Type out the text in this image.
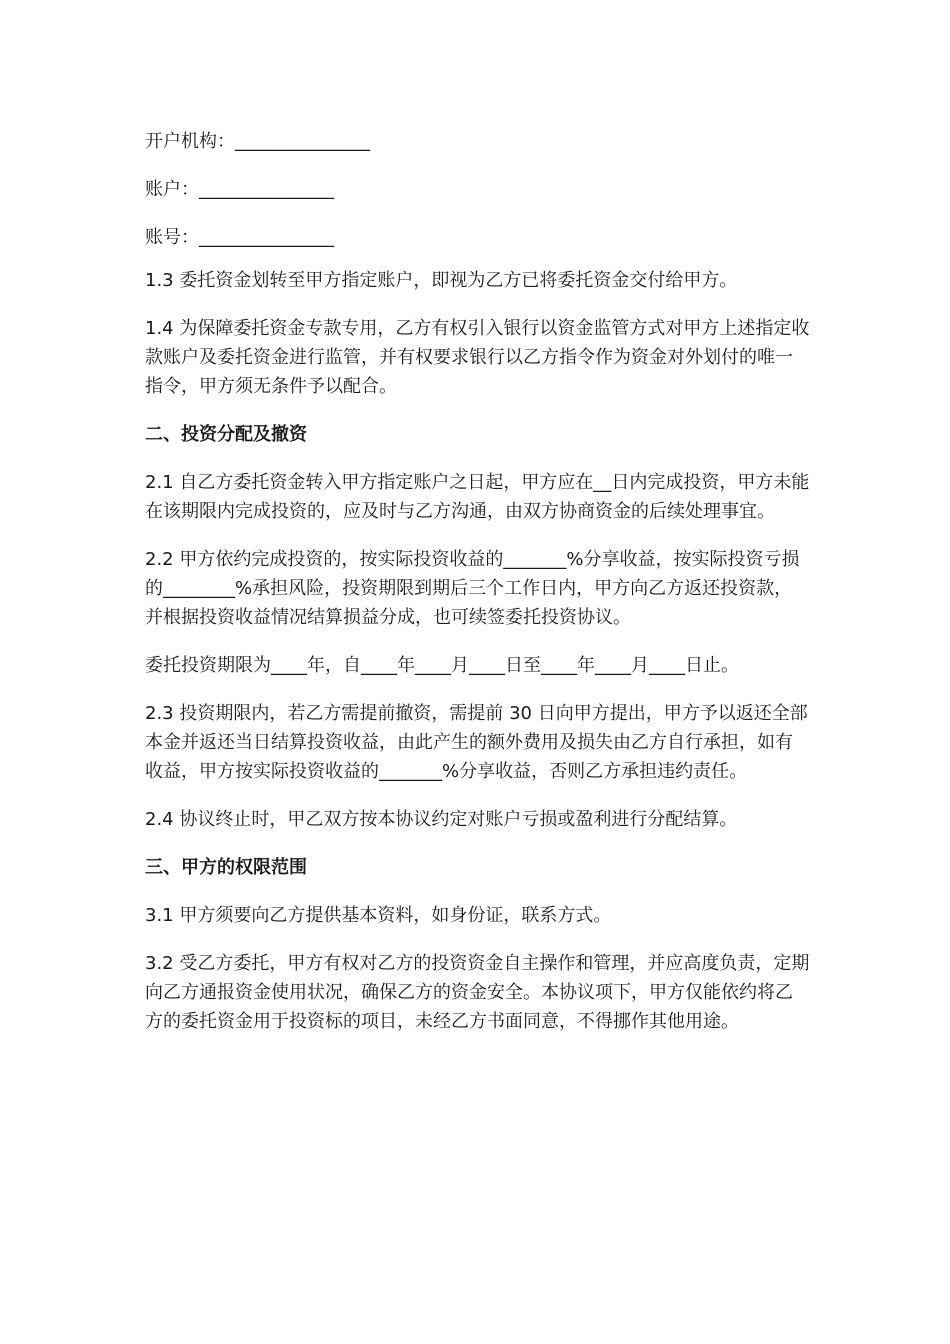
开户机构：_______________
账户：_______________
账号：_______________

1.3 委托资金划转至甲方指定账户，即视为乙方已将委托资金交付给甲方。

1.4 为保障委托资金专款专用，乙方有权引入银行以资金监管方式对甲方上述指定收款账户及委托资金进行监管，并有权要求银行以乙方指令作为资金对外划付的唯一指令，甲方须无条件予以配合。

二、投资分配及撤资

2.1 自乙方委托资金转入甲方指定账户之日起，甲方应在__日内完成投资，甲方未能在该期限内完成投资的，应及时与乙方沟通，由双方协商资金的后续处理事宜。

2.2 甲方依约完成投资的，按实际投资收益的_______%分享收益，按实际投资亏损的________%承担风险，投资期限到期后三个工作日内，甲方向乙方返还投资款，并根据投资收益情况结算损益分成，也可续签委托投资协议。

委托投资期限为____年，自____年____月____日至____年____月____日止。

2.3 投资期限内，若乙方需提前撤资，需提前 30 日向甲方提出，甲方予以返还全部本金并返还当日结算投资收益，由此产生的额外费用及损失由乙方自行承担，如有收益，甲方按实际投资收益的_______%分享收益，否则乙方承担违约责任。

2.4 协议终止时，甲乙双方按本协议约定对账户亏损或盈利进行分配结算。

三、甲方的权限范围

3.1 甲方须要向乙方提供基本资料，如身份证，联系方式。

3.2 受乙方委托，甲方有权对乙方的投资资金自主操作和管理，并应高度负责，定期向乙方通报资金使用状况，确保乙方的资金安全。本协议项下，甲方仅能依约将乙方的委托资金用于投资标的项目，未经乙方书面同意，不得挪作其他用途。
